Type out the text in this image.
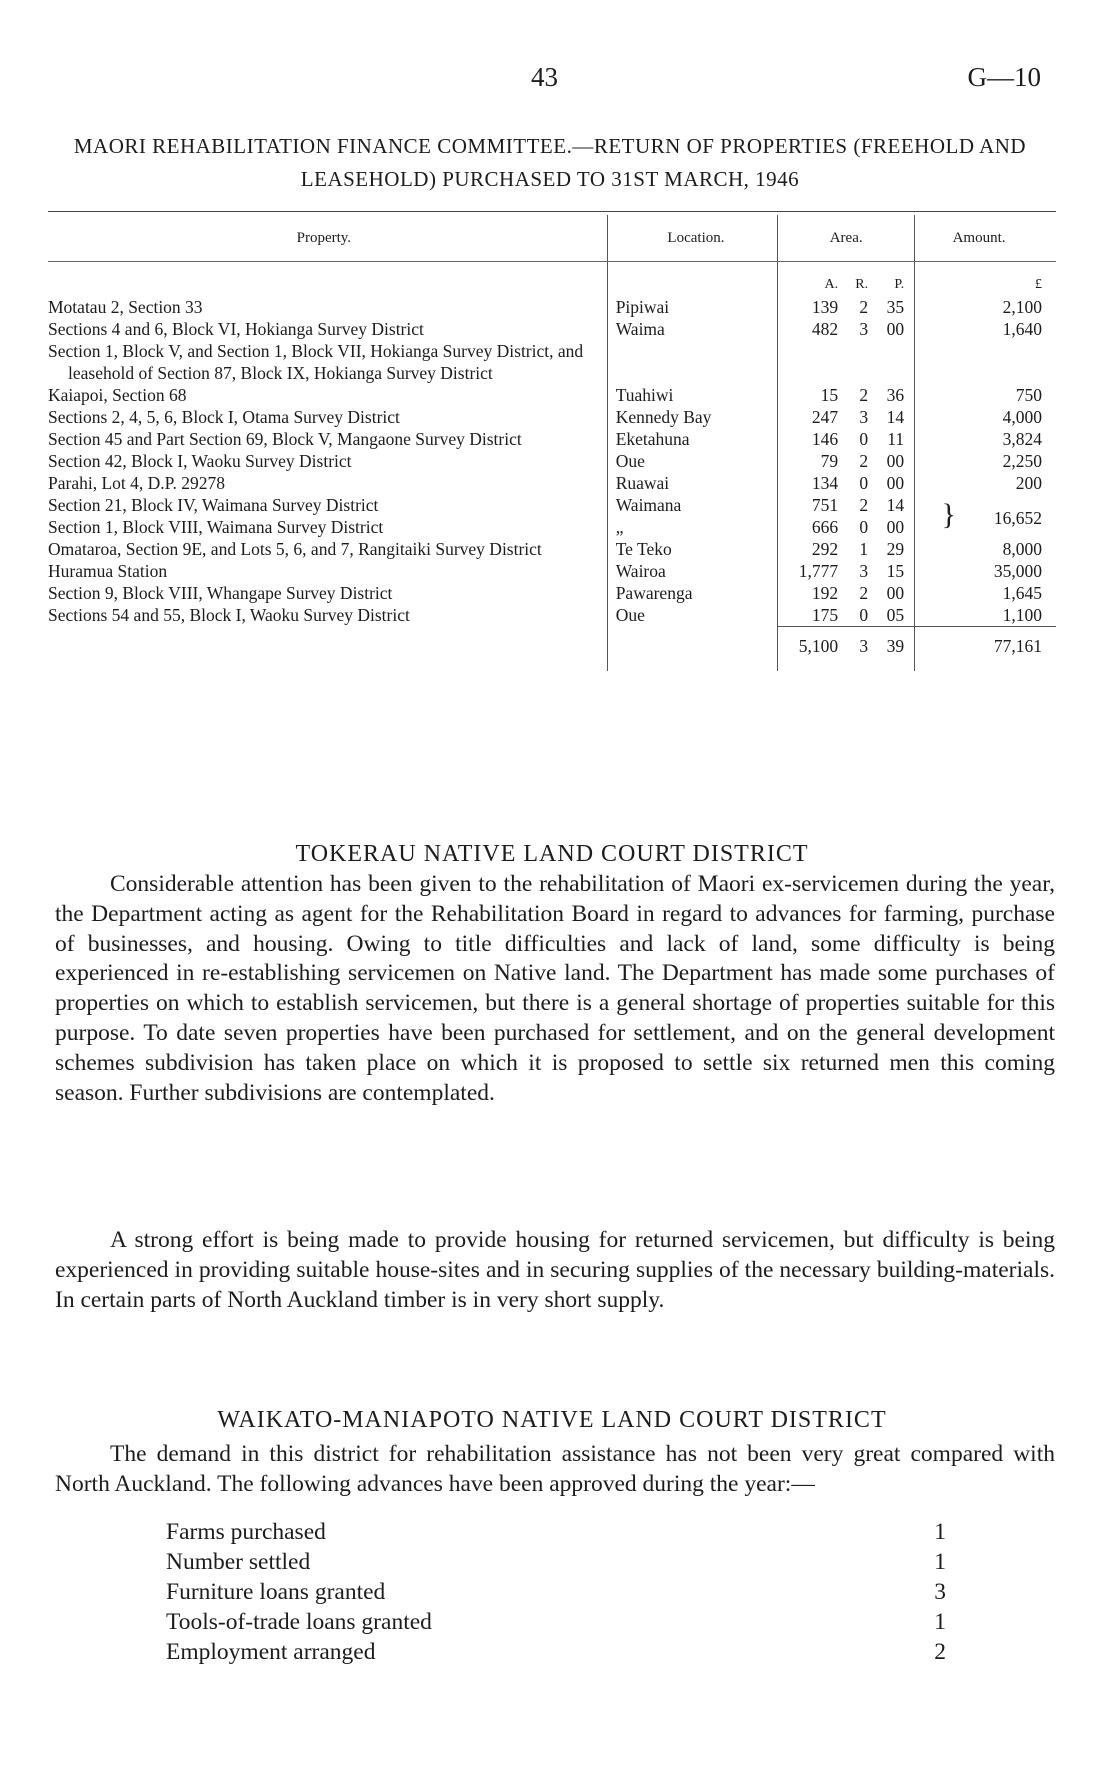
43	G—10
MAORI REHABILITATION FINANCE COMMITTEE.—RETURN OF PROPERTIES (FREEHOLD AND LEASEHOLD) PURCHASED TO 31ST MARCH, 1946
Property.	Location.	Area.	Amount.

		A. R. P.	£
Motatau 2, Section 33	Pipiwai	139 2 35	2,100
Sections 4 and 6, Block VI, Hokianga Survey District	Waima	482 3 00	1,640
Section 1, Block V, and Section 1, Block VII, Hokianga Survey District, and leasehold of Section 87, Block IX, Hokianga Survey District		

Kaiapoi, Section 68	Tuahiwi	15 2 36	750
Sections 2, 4, 5, 6, Block I, Otama Survey District	Kennedy Bay	247 3 14	4,000
Section 45 and Part Section 69, Block V, Mangaone Survey District	Eketahuna	146 0 11	3,824
Section 42, Block I, Waoku Survey District	Oue	79 2 00	2,250
Parahi, Lot 4, D.P. 29278	Ruawai	134 0 00	200
Section 21, Block IV, Waimana Survey District	Waimana	751 2 14	} 16,652
Section 1, Block VIII, Waimana Survey District	„	666 0 00	

Omataroa, Section 9E, and Lots 5, 6, and 7, Rangitaiki Survey District	Te Teko	292 1 29	8,000
Huramua Station	Wairoa	1,777 3 15	35,000
Section 9, Block VIII, Whangape Survey District	Pawarenga	192 2 00	1,645
Sections 54 and 55, Block I, Waoku Survey District	Oue	175 0 05	1,100

		5,100 3 39	77,161
TOKERAU NATIVE LAND COURT DISTRICT
Considerable attention has been given to the rehabilitation of Maori ex-servicemen during the year, the Department acting as agent for the Rehabilitation Board in regard to advances for farming, purchase of businesses, and housing. Owing to title difficulties and lack of land, some difficulty is being experienced in re-establishing servicemen on Native land. The Department has made some purchases of properties on which to establish servicemen, but there is a general shortage of properties suitable for this purpose. To date seven properties have been purchased for settlement, and on the general development schemes subdivision has taken place on which it is proposed to settle six returned men this coming season. Further subdivisions are contemplated.
A strong effort is being made to provide housing for returned servicemen, but difficulty is being experienced in providing suitable house-sites and in securing supplies of the necessary building-materials. In certain parts of North Auckland timber is in very short supply.
WAIKATO-MANIAPOTO NATIVE LAND COURT DISTRICT
The demand in this district for rehabilitation assistance has not been very great compared with North Auckland. The following advances have been approved during the year:—
Farms purchased	1
Number settled	1
Furniture loans granted	3
Tools-of-trade loans granted	1
Employment arranged	2
